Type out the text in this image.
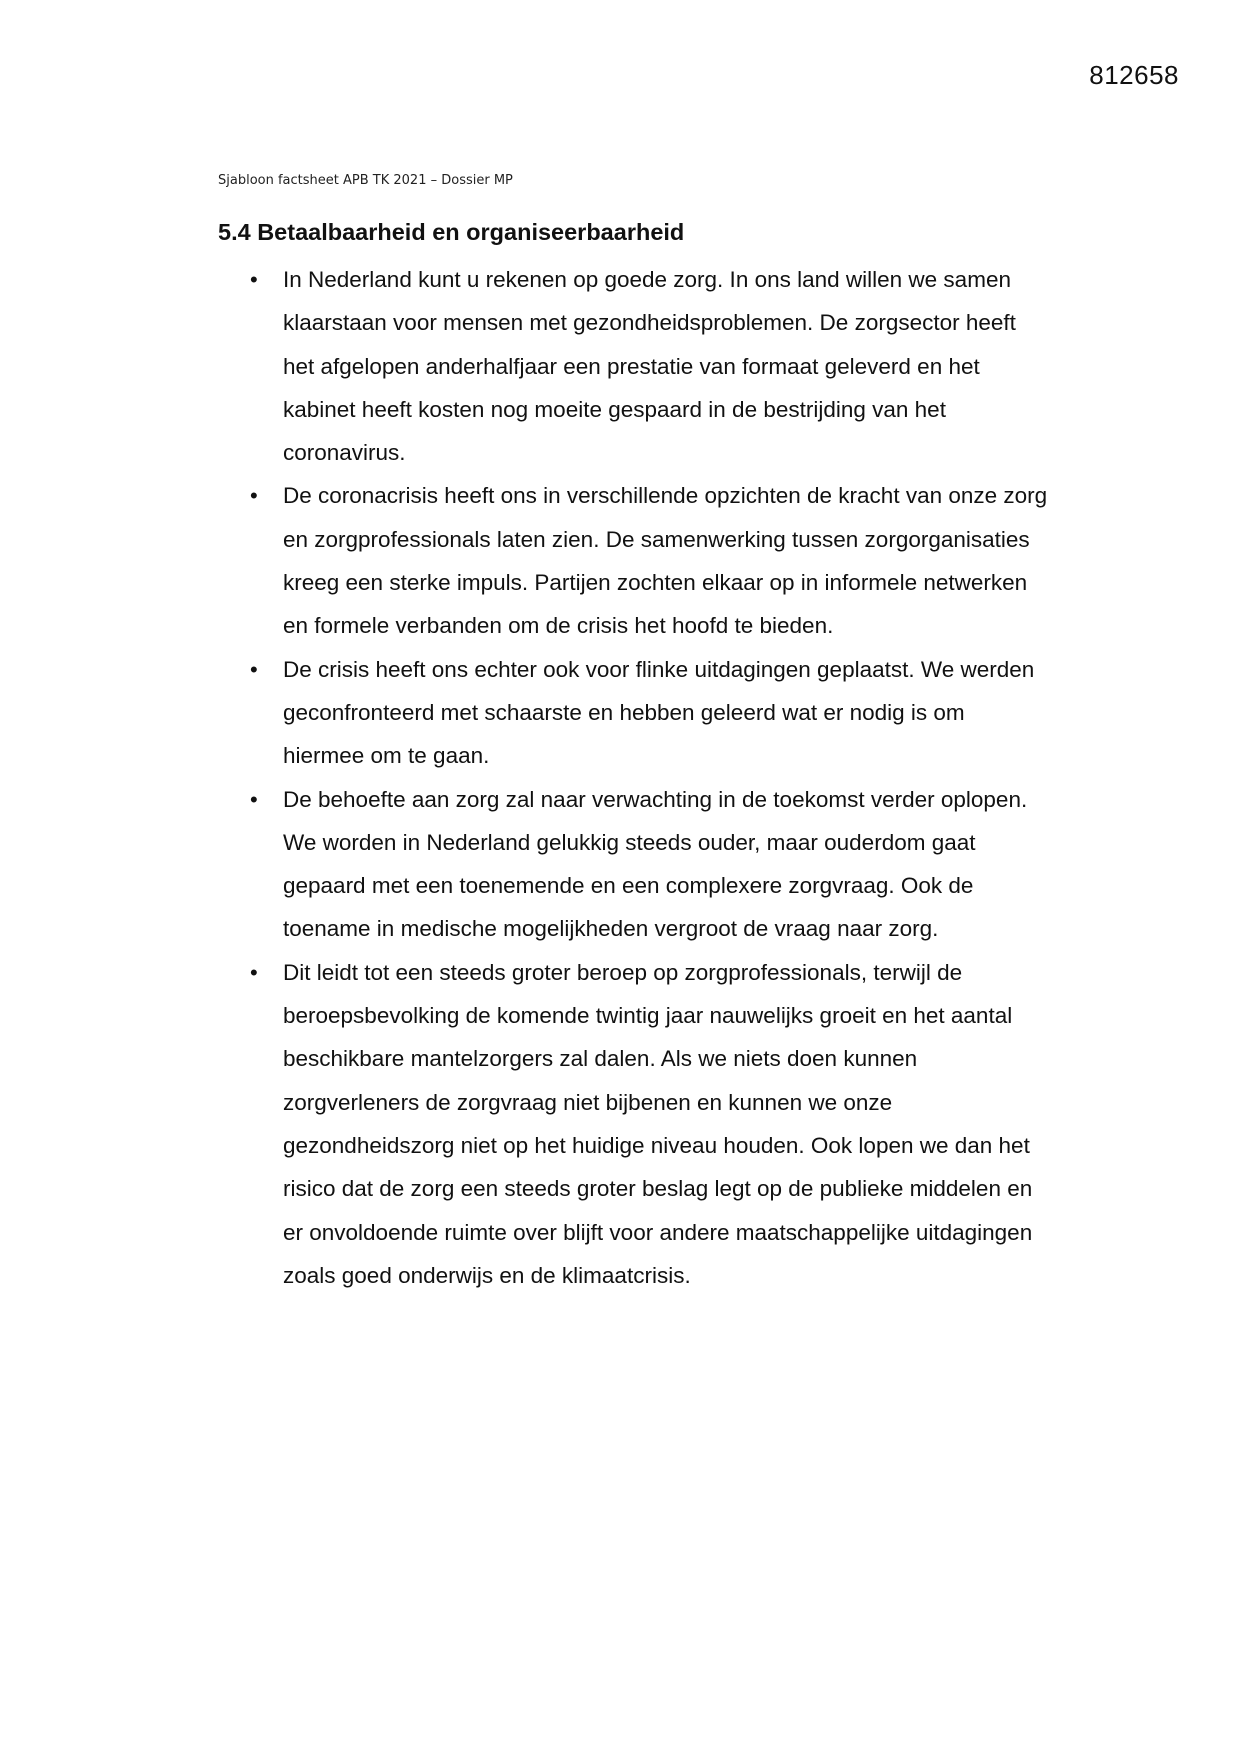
812658
Sjabloon factsheet APB TK 2021 – Dossier MP
5.4 Betaalbaarheid en organiseerbaarheid
•	In Nederland kunt u rekenen op goede zorg. In ons land willen we samen klaarstaan voor mensen met gezondheidsproblemen. De zorgsector heeft het afgelopen anderhalfjaar een prestatie van formaat geleverd en het kabinet heeft kosten nog moeite gespaard in de bestrijding van het coronavirus.
•	De coronacrisis heeft ons in verschillende opzichten de kracht van onze zorg en zorgprofessionals laten zien. De samenwerking tussen zorgorganisaties kreeg een sterke impuls. Partijen zochten elkaar op in informele netwerken en formele verbanden om de crisis het hoofd te bieden.
•	De crisis heeft ons echter ook voor flinke uitdagingen geplaatst. We werden geconfronteerd met schaarste en hebben geleerd wat er nodig is om hiermee om te gaan.
•	De behoefte aan zorg zal naar verwachting in de toekomst verder oplopen. We worden in Nederland gelukkig steeds ouder, maar ouderdom gaat gepaard met een toenemende en een complexere zorgvraag. Ook de toename in medische mogelijkheden vergroot de vraag naar zorg.
•	Dit leidt tot een steeds groter beroep op zorgprofessionals, terwijl de beroepsbevolking de komende twintig jaar nauwelijks groeit en het aantal beschikbare mantelzorgers zal dalen. Als we niets doen kunnen zorgverleners de zorgvraag niet bijbenen en kunnen we onze gezondheidszorg niet op het huidige niveau houden. Ook lopen we dan het risico dat de zorg een steeds groter beslag legt op de publieke middelen en er onvoldoende ruimte over blijft voor andere maatschappelijke uitdagingen zoals goed onderwijs en de klimaatcrisis.
